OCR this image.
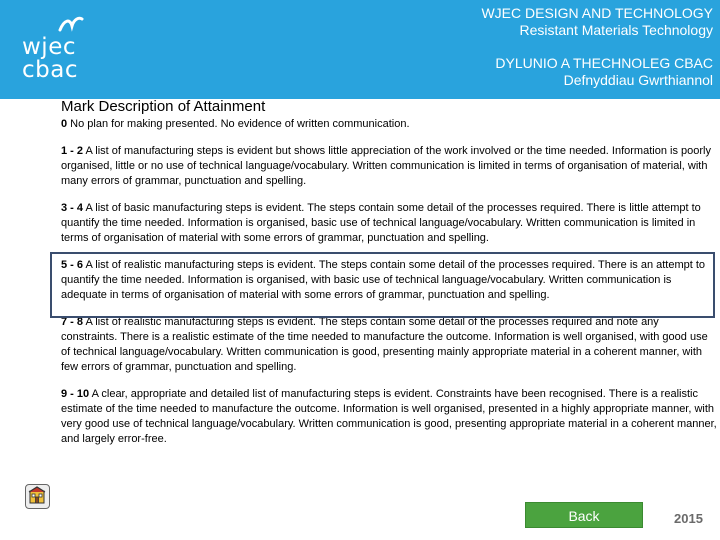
wjec
cbac
WJEC DESIGN AND TECHNOLOGY
Resistant Materials Technology
DYLUNIO A THECHNOLEG CBAC
Defnyddiau Gwrthiannol
Mark Description of Attainment

0 No plan for making presented. No evidence of written communication.

1 - 2 A list of manufacturing steps is evident but shows little appreciation of the work involved or the time needed. Information is poorly organised, little or no use of technical language/vocabulary. Written communication is limited in terms of organisation of material, with many errors of grammar, punctuation and spelling.

3 - 4 A list of basic manufacturing steps is evident. The steps contain some detail of the processes required. There is little attempt to quantify the time needed. Information is organised, basic use of technical language/vocabulary. Written communication is limited in terms of organisation of material with some errors of grammar, punctuation and spelling.

5 - 6 A list of realistic manufacturing steps is evident. The steps contain some detail of the processes required. There is an attempt to quantify the time needed. Information is organised, with basic use of technical language/vocabulary. Written communication is adequate in terms of organisation of material with some errors of grammar, punctuation and spelling.

7 - 8 A list of realistic manufacturing steps is evident. The steps contain some detail of the processes required and note any constraints. There is a realistic estimate of the time needed to manufacture the outcome. Information is well organised, with good use of technical language/vocabulary. Written communication is good, presenting mainly appropriate material in a coherent manner, with few errors of grammar, punctuation and spelling.

9 - 10 A clear, appropriate and detailed list of manufacturing steps is evident. Constraints have been recognised. There is a realistic estimate of the time needed to manufacture the outcome. Information is well organised, presented in a highly appropriate manner, with very good use of technical language/vocabulary. Written communication is good, presenting appropriate material in a coherent manner, and largely error-free.

Back	2015
